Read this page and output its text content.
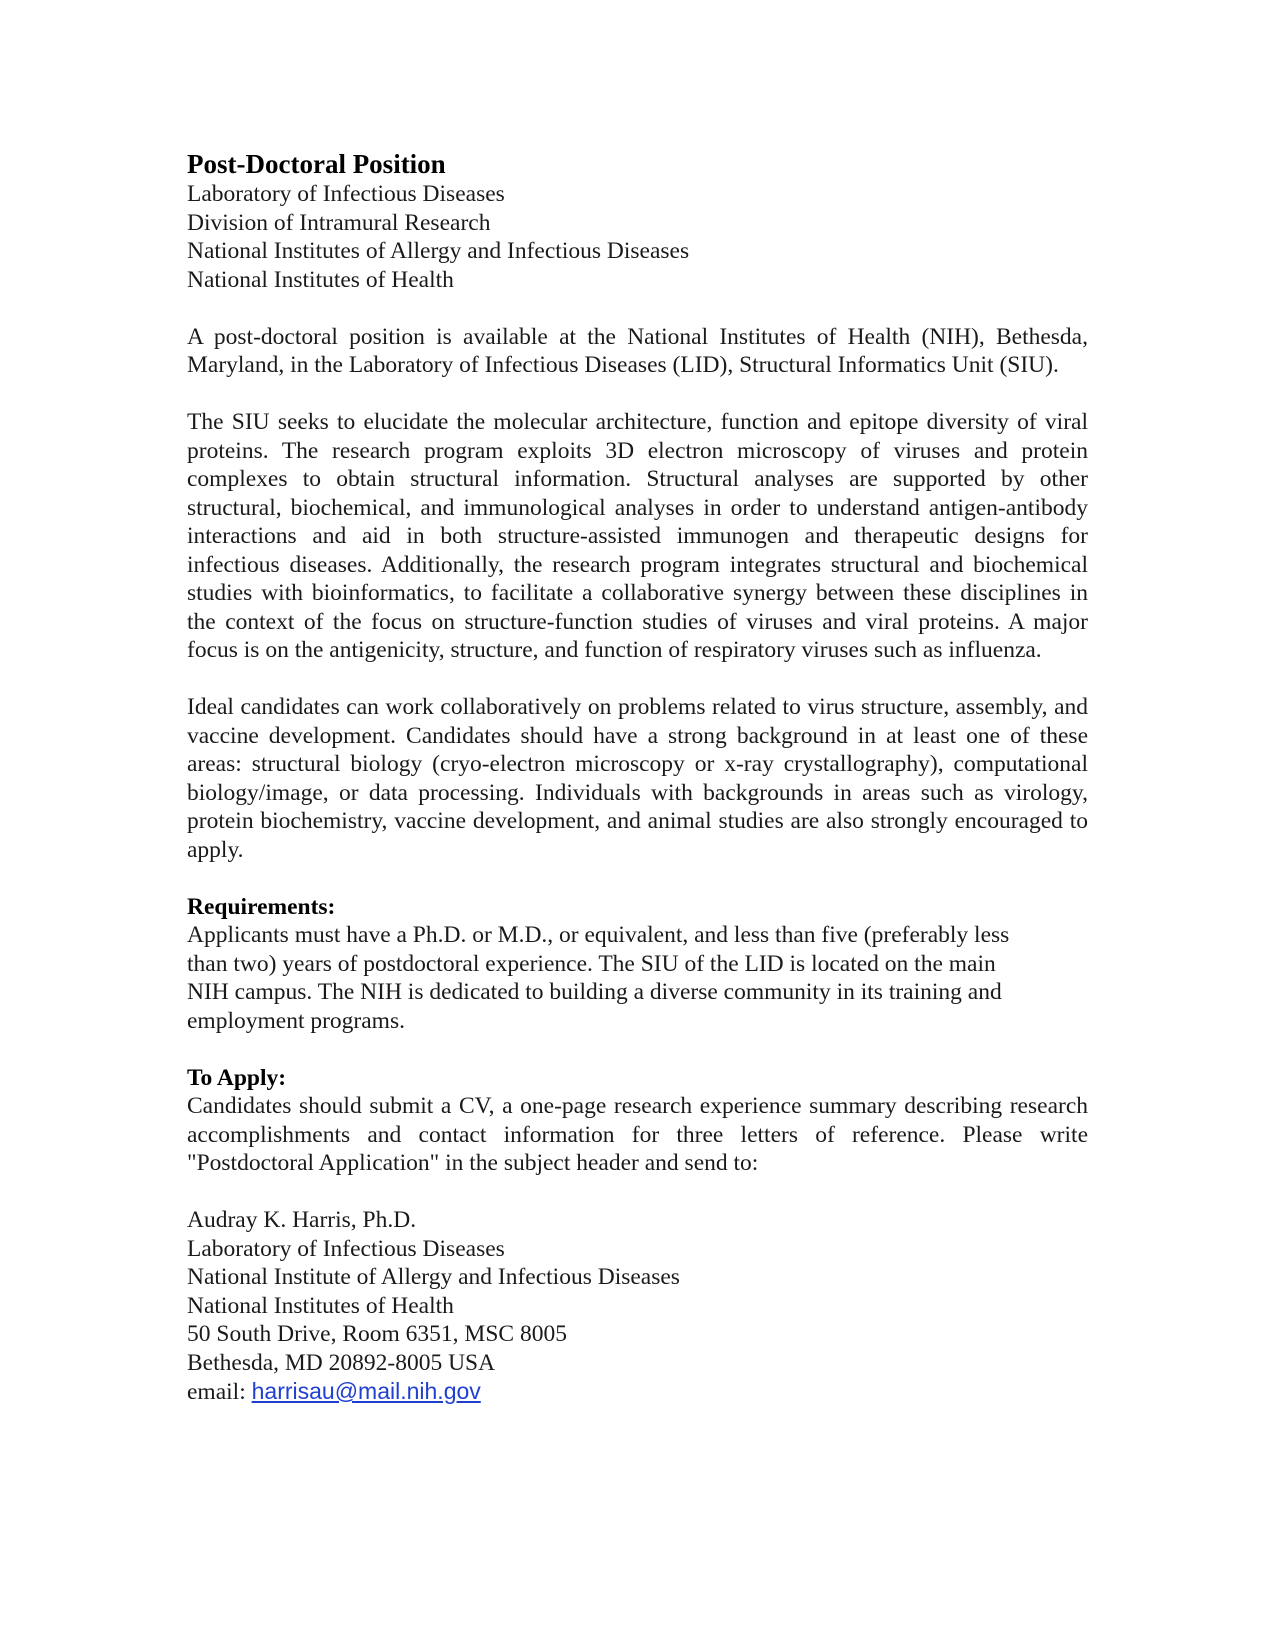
Post-Doctoral Position
Laboratory of Infectious Diseases
Division of Intramural Research
National Institutes of Allergy and Infectious Diseases
National Institutes of Health

A post-doctoral position is available at the National Institutes of Health (NIH), Bethesda, Maryland, in the Laboratory of Infectious Diseases (LID), Structural Informatics Unit (SIU).

The SIU seeks to elucidate the molecular architecture, function and epitope diversity of viral proteins. The research program exploits 3D electron microscopy of viruses and protein complexes to obtain structural information. Structural analyses are supported by other structural, biochemical, and immunological analyses in order to understand antigen-antibody interactions and aid in both structure-assisted immunogen and therapeutic designs for infectious diseases. Additionally, the research program integrates structural and biochemical studies with bioinformatics, to facilitate a collaborative synergy between these disciplines in the context of the focus on structure-function studies of viruses and viral proteins. A major focus is on the antigenicity, structure, and function of respiratory viruses such as influenza.

Ideal candidates can work collaboratively on problems related to virus structure, assembly, and vaccine development. Candidates should have a strong background in at least one of these areas: structural biology (cryo-electron microscopy or x-ray crystallography), computational biology/image, or data processing. Individuals with backgrounds in areas such as virology, protein biochemistry, vaccine development, and animal studies are also strongly encouraged to apply.

Requirements:
Applicants must have a Ph.D. or M.D., or equivalent, and less than five (preferably less
than two) years of postdoctoral experience. The SIU of the LID is located on the main
NIH campus. The NIH is dedicated to building a diverse community in its training and
employment programs.
To Apply:

Candidates should submit a CV, a one-page research experience summary describing research accomplishments and contact information for three letters of reference. Please write "Postdoctoral Application" in the subject header and send to:

Audray K. Harris, Ph.D.
Laboratory of Infectious Diseases
National Institute of Allergy and Infectious Diseases
National Institutes of Health
50 South Drive, Room 6351, MSC 8005
Bethesda, MD 20892-8005 USA
email: harrisau@mail.nih.gov
